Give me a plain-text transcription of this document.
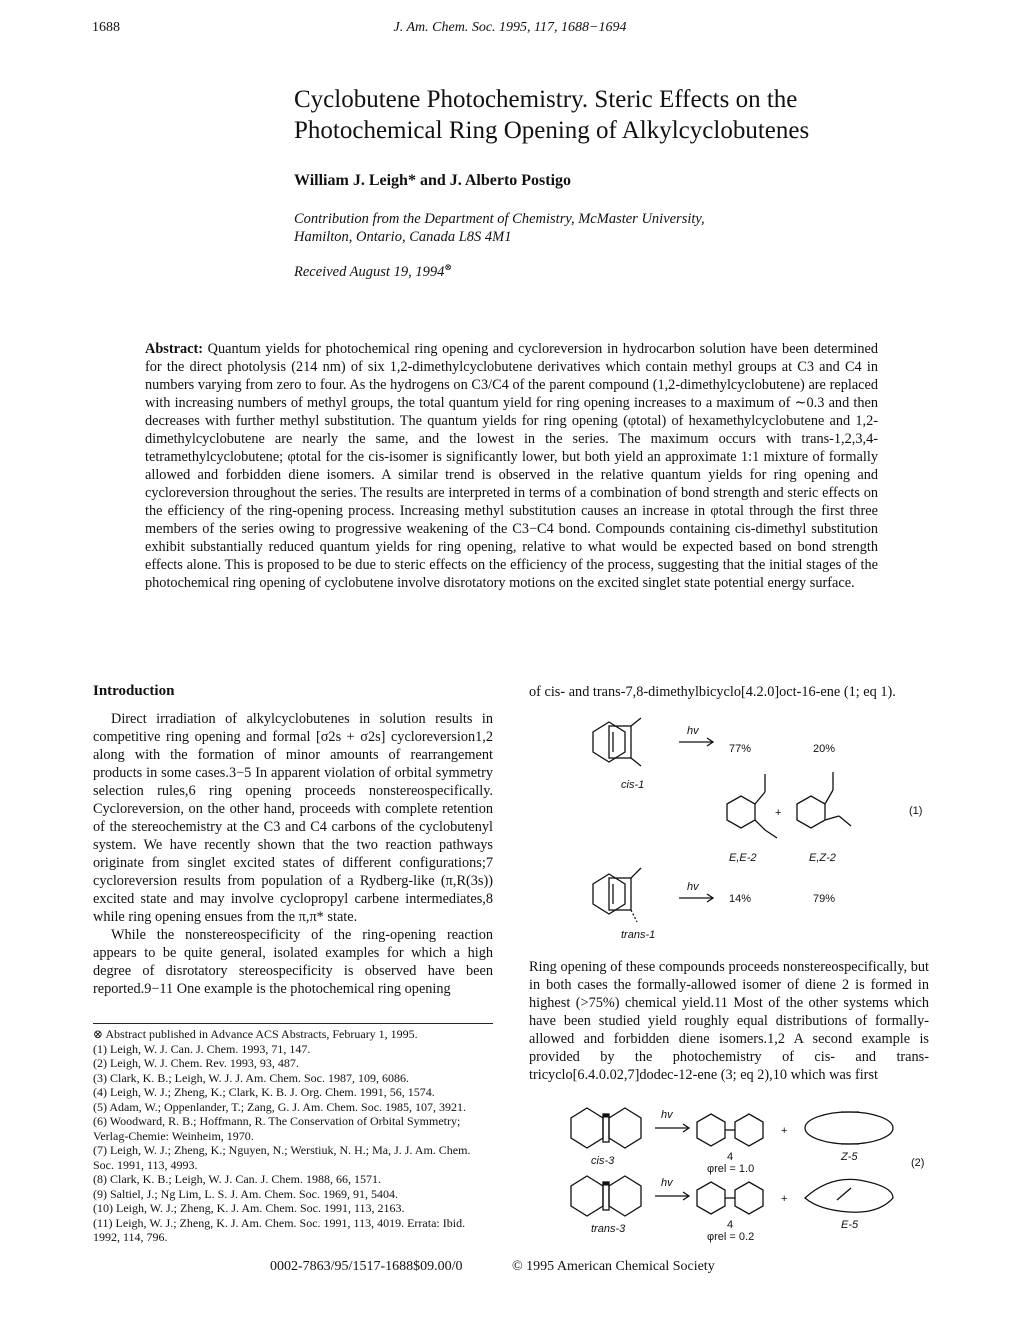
1688	J. Am. Chem. Soc. 1995, 117, 1688−1694
Cyclobutene Photochemistry. Steric Effects on the
Photochemical Ring Opening of Alkylcyclobutenes
William J. Leigh* and J. Alberto Postigo
Contribution from the Department of Chemistry, McMaster University,
Hamilton, Ontario, Canada L8S 4M1
Received August 19, 1994⊗
Abstract: Quantum yields for photochemical ring opening and cycloreversion in hydrocarbon solution have been determined for the direct photolysis (214 nm) of six 1,2-dimethylcyclobutene derivatives which contain methyl groups at C3 and C4 in numbers varying from zero to four. As the hydrogens on C3/C4 of the parent compound (1,2-dimethylcyclobutene) are replaced with increasing numbers of methyl groups, the total quantum yield for ring opening increases to a maximum of ∼0.3 and then decreases with further methyl substitution. The quantum yields for ring opening (φtotal) of hexamethylcyclobutene and 1,2-dimethylcyclobutene are nearly the same, and the lowest in the series. The maximum occurs with trans-1,2,3,4-tetramethylcyclobutene; φtotal for the cis-isomer is significantly lower, but both yield an approximate 1:1 mixture of formally allowed and forbidden diene isomers. A similar trend is observed in the relative quantum yields for ring opening and cycloreversion throughout the series. The results are interpreted in terms of a combination of bond strength and steric effects on the efficiency of the ring-opening process. Increasing methyl substitution causes an increase in φtotal through the first three members of the series owing to progressive weakening of the C3−C4 bond. Compounds containing cis-dimethyl substitution exhibit substantially reduced quantum yields for ring opening, relative to what would be expected based on bond strength effects alone. This is proposed to be due to steric effects on the efficiency of the process, suggesting that the initial stages of the photochemical ring opening of cyclobutene involve disrotatory motions on the excited singlet state potential energy surface.
Introduction

Direct irradiation of alkylcyclobutenes in solution results in competitive ring opening and formal [σ2s + σ2s] cycloreversion1,2 along with the formation of minor amounts of rearrangement products in some cases.3−5 In apparent violation of orbital symmetry selection rules,6 ring opening proceeds nonstereospecifically. Cycloreversion, on the other hand, proceeds with complete retention of the stereochemistry at the C3 and C4 carbons of the cyclobutenyl system. We have recently shown that the two reaction pathways originate from singlet excited states of different configurations;7 cycloreversion results from population of a Rydberg-like (π,R(3s)) excited state and may involve cyclopropyl carbene intermediates,8 while ring opening ensues from the π,π* state.

While the nonstereospecificity of the ring-opening reaction appears to be quite general, isolated examples for which a high degree of disrotatory stereospecificity is observed have been reported.9−11 One example is the photochemical ring opening

⊗ Abstract published in Advance ACS Abstracts, February 1, 1995.
(1) Leigh, W. J. Can. J. Chem. 1993, 71, 147.
(2) Leigh, W. J. Chem. Rev. 1993, 93, 487.
(3) Clark, K. B.; Leigh, W. J. J. Am. Chem. Soc. 1987, 109, 6086.
(4) Leigh, W. J.; Zheng, K.; Clark, K. B. J. Org. Chem. 1991, 56, 1574.
(5) Adam, W.; Oppenlander, T.; Zang, G. J. Am. Chem. Soc. 1985, 107, 3921.
(6) Woodward, R. B.; Hoffmann, R. The Conservation of Orbital Symmetry; Verlag-Chemie: Weinheim, 1970.
(7) Leigh, W. J.; Zheng, K.; Nguyen, N.; Werstiuk, N. H.; Ma, J. J. Am. Chem. Soc. 1991, 113, 4993.
(8) Clark, K. B.; Leigh, W. J. Can. J. Chem. 1988, 66, 1571.
(9) Saltiel, J.; Ng Lim, L. S. J. Am. Chem. Soc. 1969, 91, 5404.
(10) Leigh, W. J.; Zheng, K. J. Am. Chem. Soc. 1991, 113, 2163.
(11) Leigh, W. J.; Zheng, K. J. Am. Chem. Soc. 1991, 113, 4019. Errata: Ibid. 1992, 114, 796.

of cis- and trans-7,8-dimethylbicyclo[4.2.0]oct-16-ene (1; eq 1).

hv
hv
cis-1
trans-1
77%	20%
14%	79%
+
E,E-2	E,Z-2
(1)

Ring opening of these compounds proceeds nonstereospecifically, but in both cases the formally-allowed isomer of diene 2 is formed in highest (>75%) chemical yield.11 Most of the other systems which have been studied yield roughly equal distributions of formally-allowed and forbidden diene isomers.1,2 A second example is provided by the photochemistry of cis- and trans-tricyclo[6.4.0.02,7]dodec-12-ene (3; eq 2),10 which was first

hv
hv
+
+
cis-3
trans-3
4
4
φrel = 1.0
φrel = 0.2
Z-5
E-5
(2)
0002-7863/95/1517-1688$09.00/0	© 1995 American Chemical Society
